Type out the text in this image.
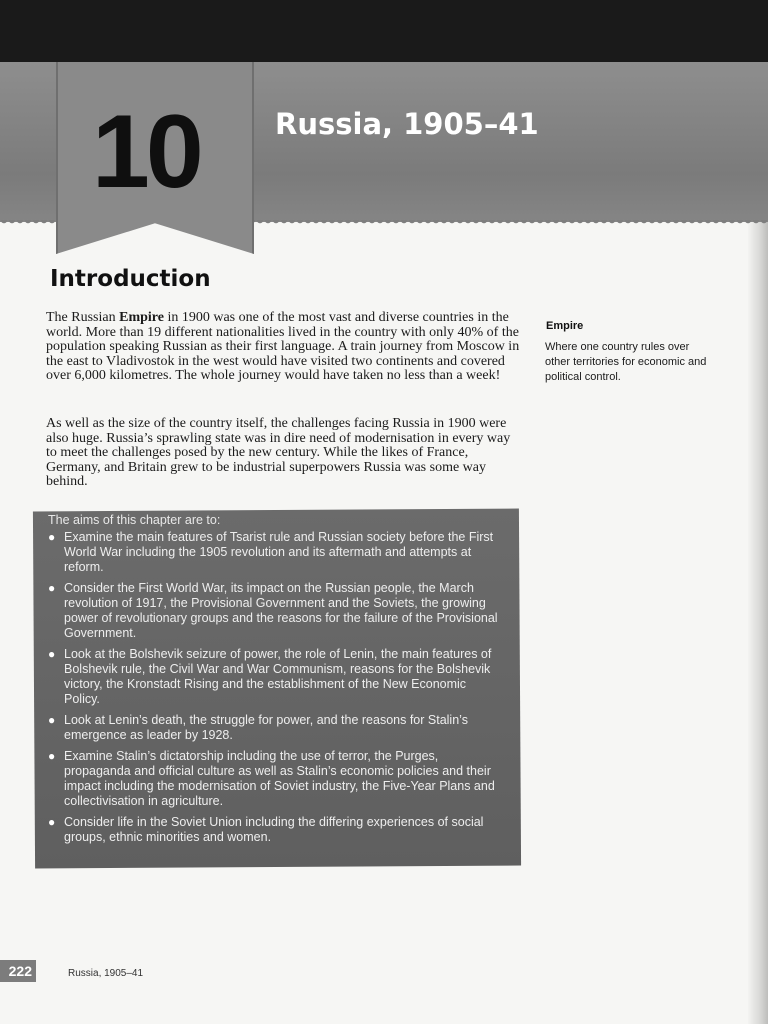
10	Russia, 1905–41
Introduction
The Russian Empire in 1900 was one of the most vast and diverse countries in the world. More than 19 different nationalities lived in the country with only 40% of the population speaking Russian as their first language. A train journey from Moscow in the east to Vladivostok in the west would have visited two continents and covered over 6,000 kilometres. The whole journey would have taken no less than a week!
As well as the size of the country itself, the challenges facing Russia in 1900 were also huge. Russia’s sprawling state was in dire need of modernisation in every way to meet the challenges posed by the new century. While the likes of France, Germany, and Britain grew to be industrial superpowers Russia was some way behind.
Empire
Where one country rules over other territories for economic and political control.
The aims of this chapter are to:
● Examine the main features of Tsarist rule and Russian society before the First World War including the 1905 revolution and its aftermath and attempts at reform.
● Consider the First World War, its impact on the Russian people, the March revolution of 1917, the Provisional Government and the Soviets, the growing power of revolutionary groups and the reasons for the failure of the Provisional Government.
● Look at the Bolshevik seizure of power, the role of Lenin, the main features of Bolshevik rule, the Civil War and War Communism, reasons for the Bolshevik victory, the Kronstadt Rising and the establishment of the New Economic Policy.
● Look at Lenin’s death, the struggle for power, and the reasons for Stalin’s emergence as leader by 1928.
● Examine Stalin’s dictatorship including the use of terror, the Purges, propaganda and official culture as well as Stalin’s economic policies and their impact including the modernisation of Soviet industry, the Five-Year Plans and collectivisation in agriculture.
● Consider life in the Soviet Union including the differing experiences of social groups, ethnic minorities and women.
222	Russia, 1905–41
